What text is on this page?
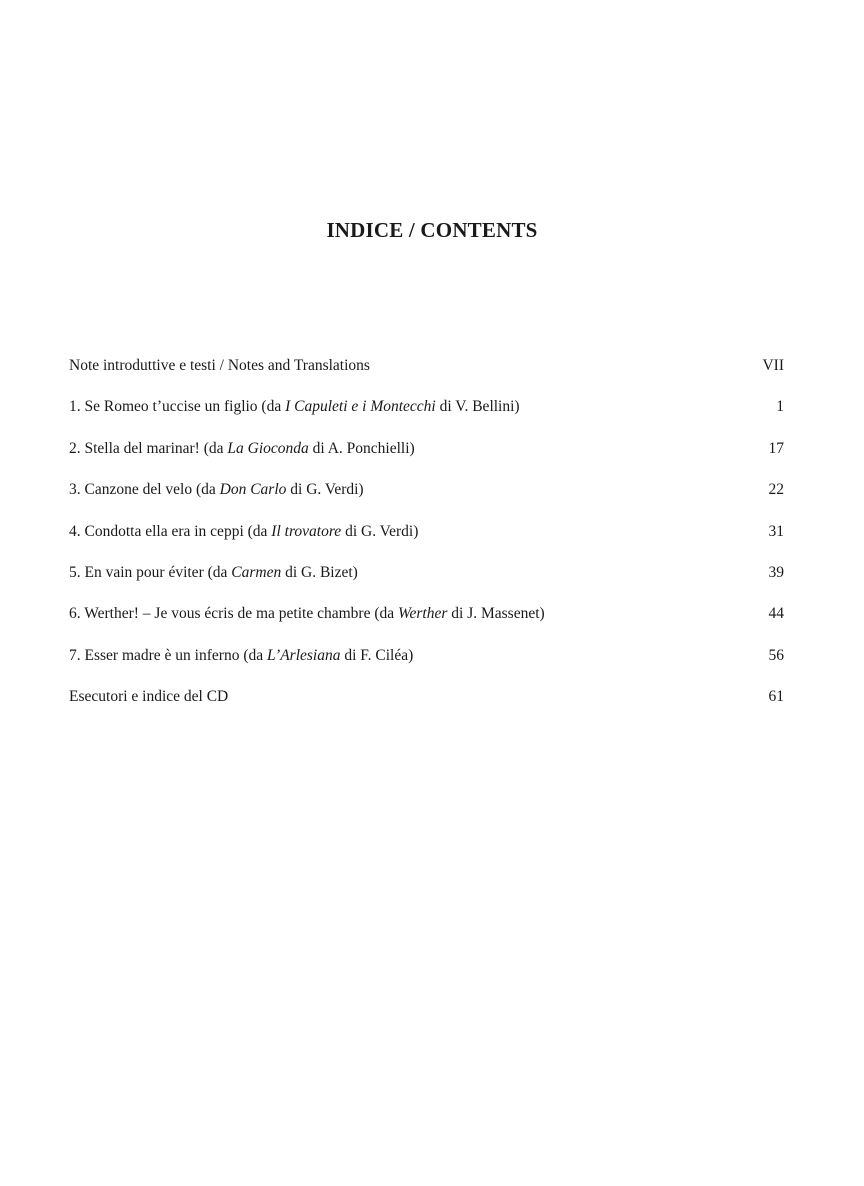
INDICE / CONTENTS
Note introduttive e testi / Notes and Translations	VII
1. Se Romeo t’uccise un figlio (da I Capuleti e i Montecchi di V. Bellini)	1
2. Stella del marinar! (da La Gioconda di A. Ponchielli)	17
3. Canzone del velo (da Don Carlo di G. Verdi)	22
4. Condotta ella era in ceppi (da Il trovatore di G. Verdi)	31
5. En vain pour éviter (da Carmen di G. Bizet)	39
6. Werther! – Je vous écris de ma petite chambre (da Werther di J. Massenet)	44
7. Esser madre è un inferno (da L’Arlesiana di F. Ciléa)	56
Esecutori e indice del CD	61
